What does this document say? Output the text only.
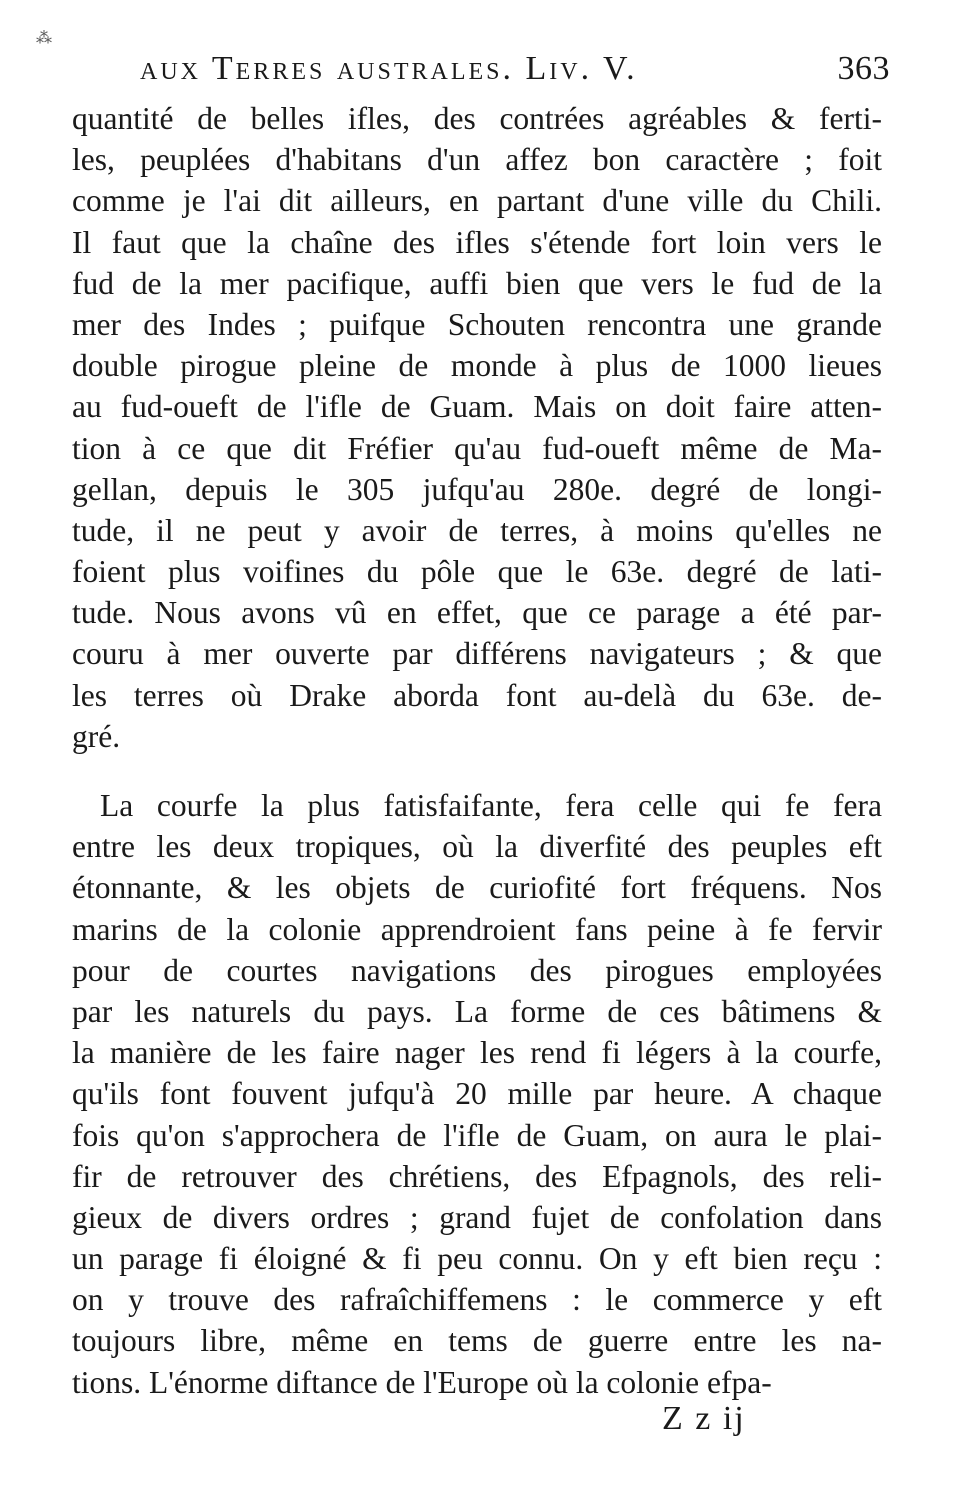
⁂
aux Terres australes. Liv. V.	363
quantité de belles ifles, des contrées agréables & ferti-
les, peuplées d'habitans d'un affez bon caractère ; foit
comme je l'ai dit ailleurs, en partant d'une ville du Chili.
Il faut que la chaîne des ifles s'étende fort loin vers le
fud de la mer pacifique, auffi bien que vers le fud de la
mer des Indes ; puifque Schouten rencontra une grande
double pirogue pleine de monde à plus de 1000 lieues
au fud-oueft de l'ifle de Guam. Mais on doit faire atten-
tion à ce que dit Fréfier qu'au fud-oueft même de Ma-
gellan, depuis le 305 jufqu'au 280e. degré de longi-
tude, il ne peut y avoir de terres, à moins qu'elles ne
foient plus voifines du pôle que le 63e. degré de lati-
tude. Nous avons vû en effet, que ce parage a été par-
couru à mer ouverte par différens navigateurs ; & que
les terres où Drake aborda font au-delà du 63e. de-
gré.
La courfe la plus fatisfaifante, fera celle qui fe fera
entre les deux tropiques, où la diverfité des peuples eft
étonnante, & les objets de curiofité fort fréquens. Nos
marins de la colonie apprendroient fans peine à fe fervir
pour de courtes navigations des pirogues employées
par les naturels du pays. La forme de ces bâtimens &
la manière de les faire nager les rend fi légers à la courfe,
qu'ils font fouvent jufqu'à 20 mille par heure. A chaque
fois qu'on s'approchera de l'ifle de Guam, on aura le plai-
fir de retrouver des chrétiens, des Efpagnols, des reli-
gieux de divers ordres ; grand fujet de confolation dans
un parage fi éloigné & fi peu connu. On y eft bien reçu :
on y trouve des rafraîchiffemens : le commerce y eft
toujours libre, même en tems de guerre entre les na-
tions. L'énorme diftance de l'Europe où la colonie efpa-
Z z ij
